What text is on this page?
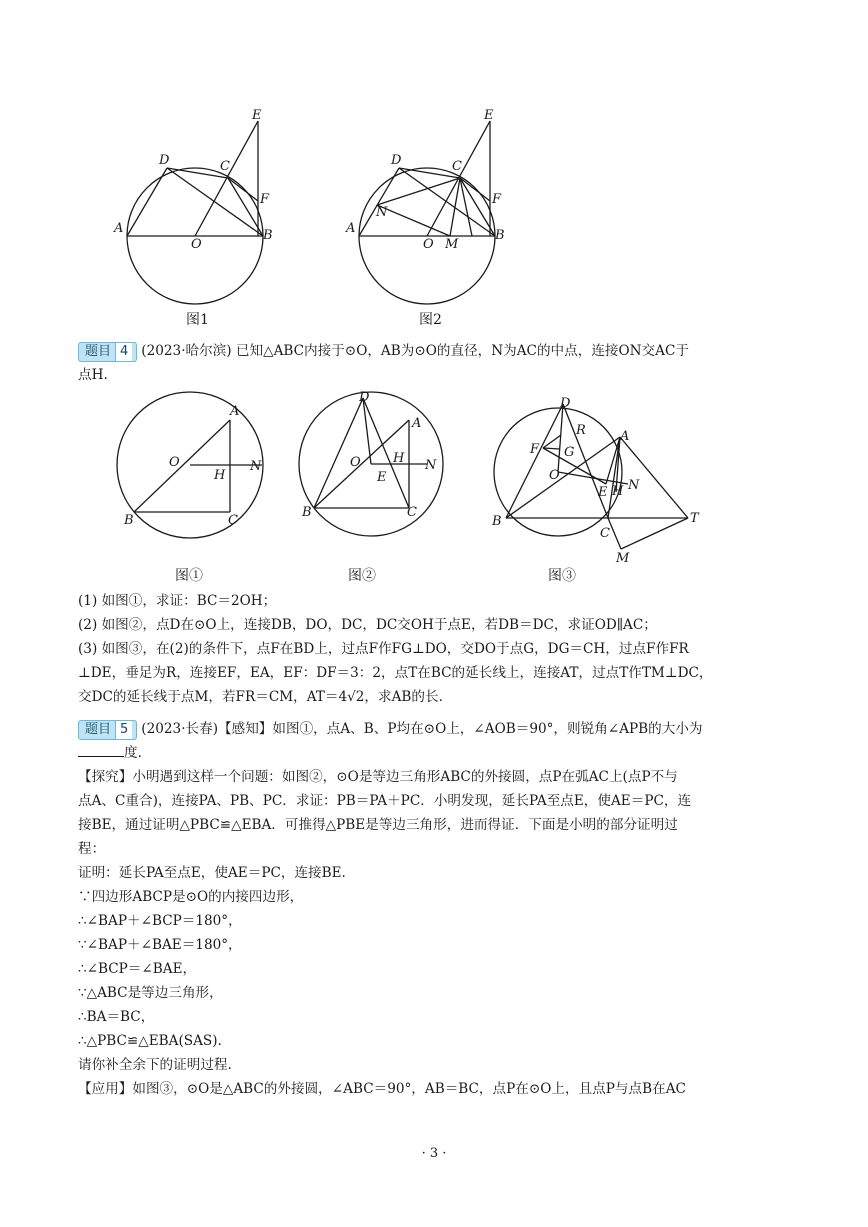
E
D	C
F
A
O
B
图1
E
D	C
F
N
A
O M
B
图2
题目 4 (2023·哈尔滨) 已知△ABC内接于⊙O，AB为⊙O的直径，N为AC的中点，连接ON交AC于
点H.
A
O	N
H
B	C
图①
D
A
O H N
E
B	C
图②
D
R	A
F G
O
E H N
B	T
C
M
图③
(1) 如图①，求证：BC＝2OH；
(2) 如图②，点D在⊙O上，连接DB，DO，DC，DC交OH于点E，若DB＝DC，求证OD∥AC；
(3) 如图③，在(2)的条件下，点F在BD上，过点F作FG⊥DO，交DO于点G，DG＝CH，过点F作FR
⊥DE，垂足为R，连接EF，EA，EF：DF＝3：2，点T在BC的延长线上，连接AT，过点T作TM⊥DC，
交DC的延长线于点M，若FR＝CM，AT＝4√2，求AB的长.
题目 5 (2023·长春)【感知】如图①，点A、B、P均在⊙O上，∠AOB＝90°，则锐角∠APB的大小为
度.
【探究】小明遇到这样一个问题：如图②，⊙O是等边三角形ABC的外接圆，点P在弧AC上(点P不与
点A、C重合)，连接PA、PB、PC．求证：PB＝PA＋PC．小明发现，延长PA至点E，使AE＝PC，连
接BE，通过证明△PBC≌△EBA．可推得△PBE是等边三角形，进而得证．下面是小明的部分证明过
程：
证明：延长PA至点E，使AE＝PC，连接BE.
∵四边形ABCP是⊙O的内接四边形，
∴∠BAP＋∠BCP＝180°，
∵∠BAP＋∠BAE＝180°，
∴∠BCP＝∠BAE，
∵△ABC是等边三角形，
∴BA＝BC，
∴△PBC≌△EBA(SAS).
请你补全余下的证明过程.
【应用】如图③，⊙O是△ABC的外接圆，∠ABC＝90°，AB＝BC，点P在⊙O上，且点P与点B在AC
· 3 ·
